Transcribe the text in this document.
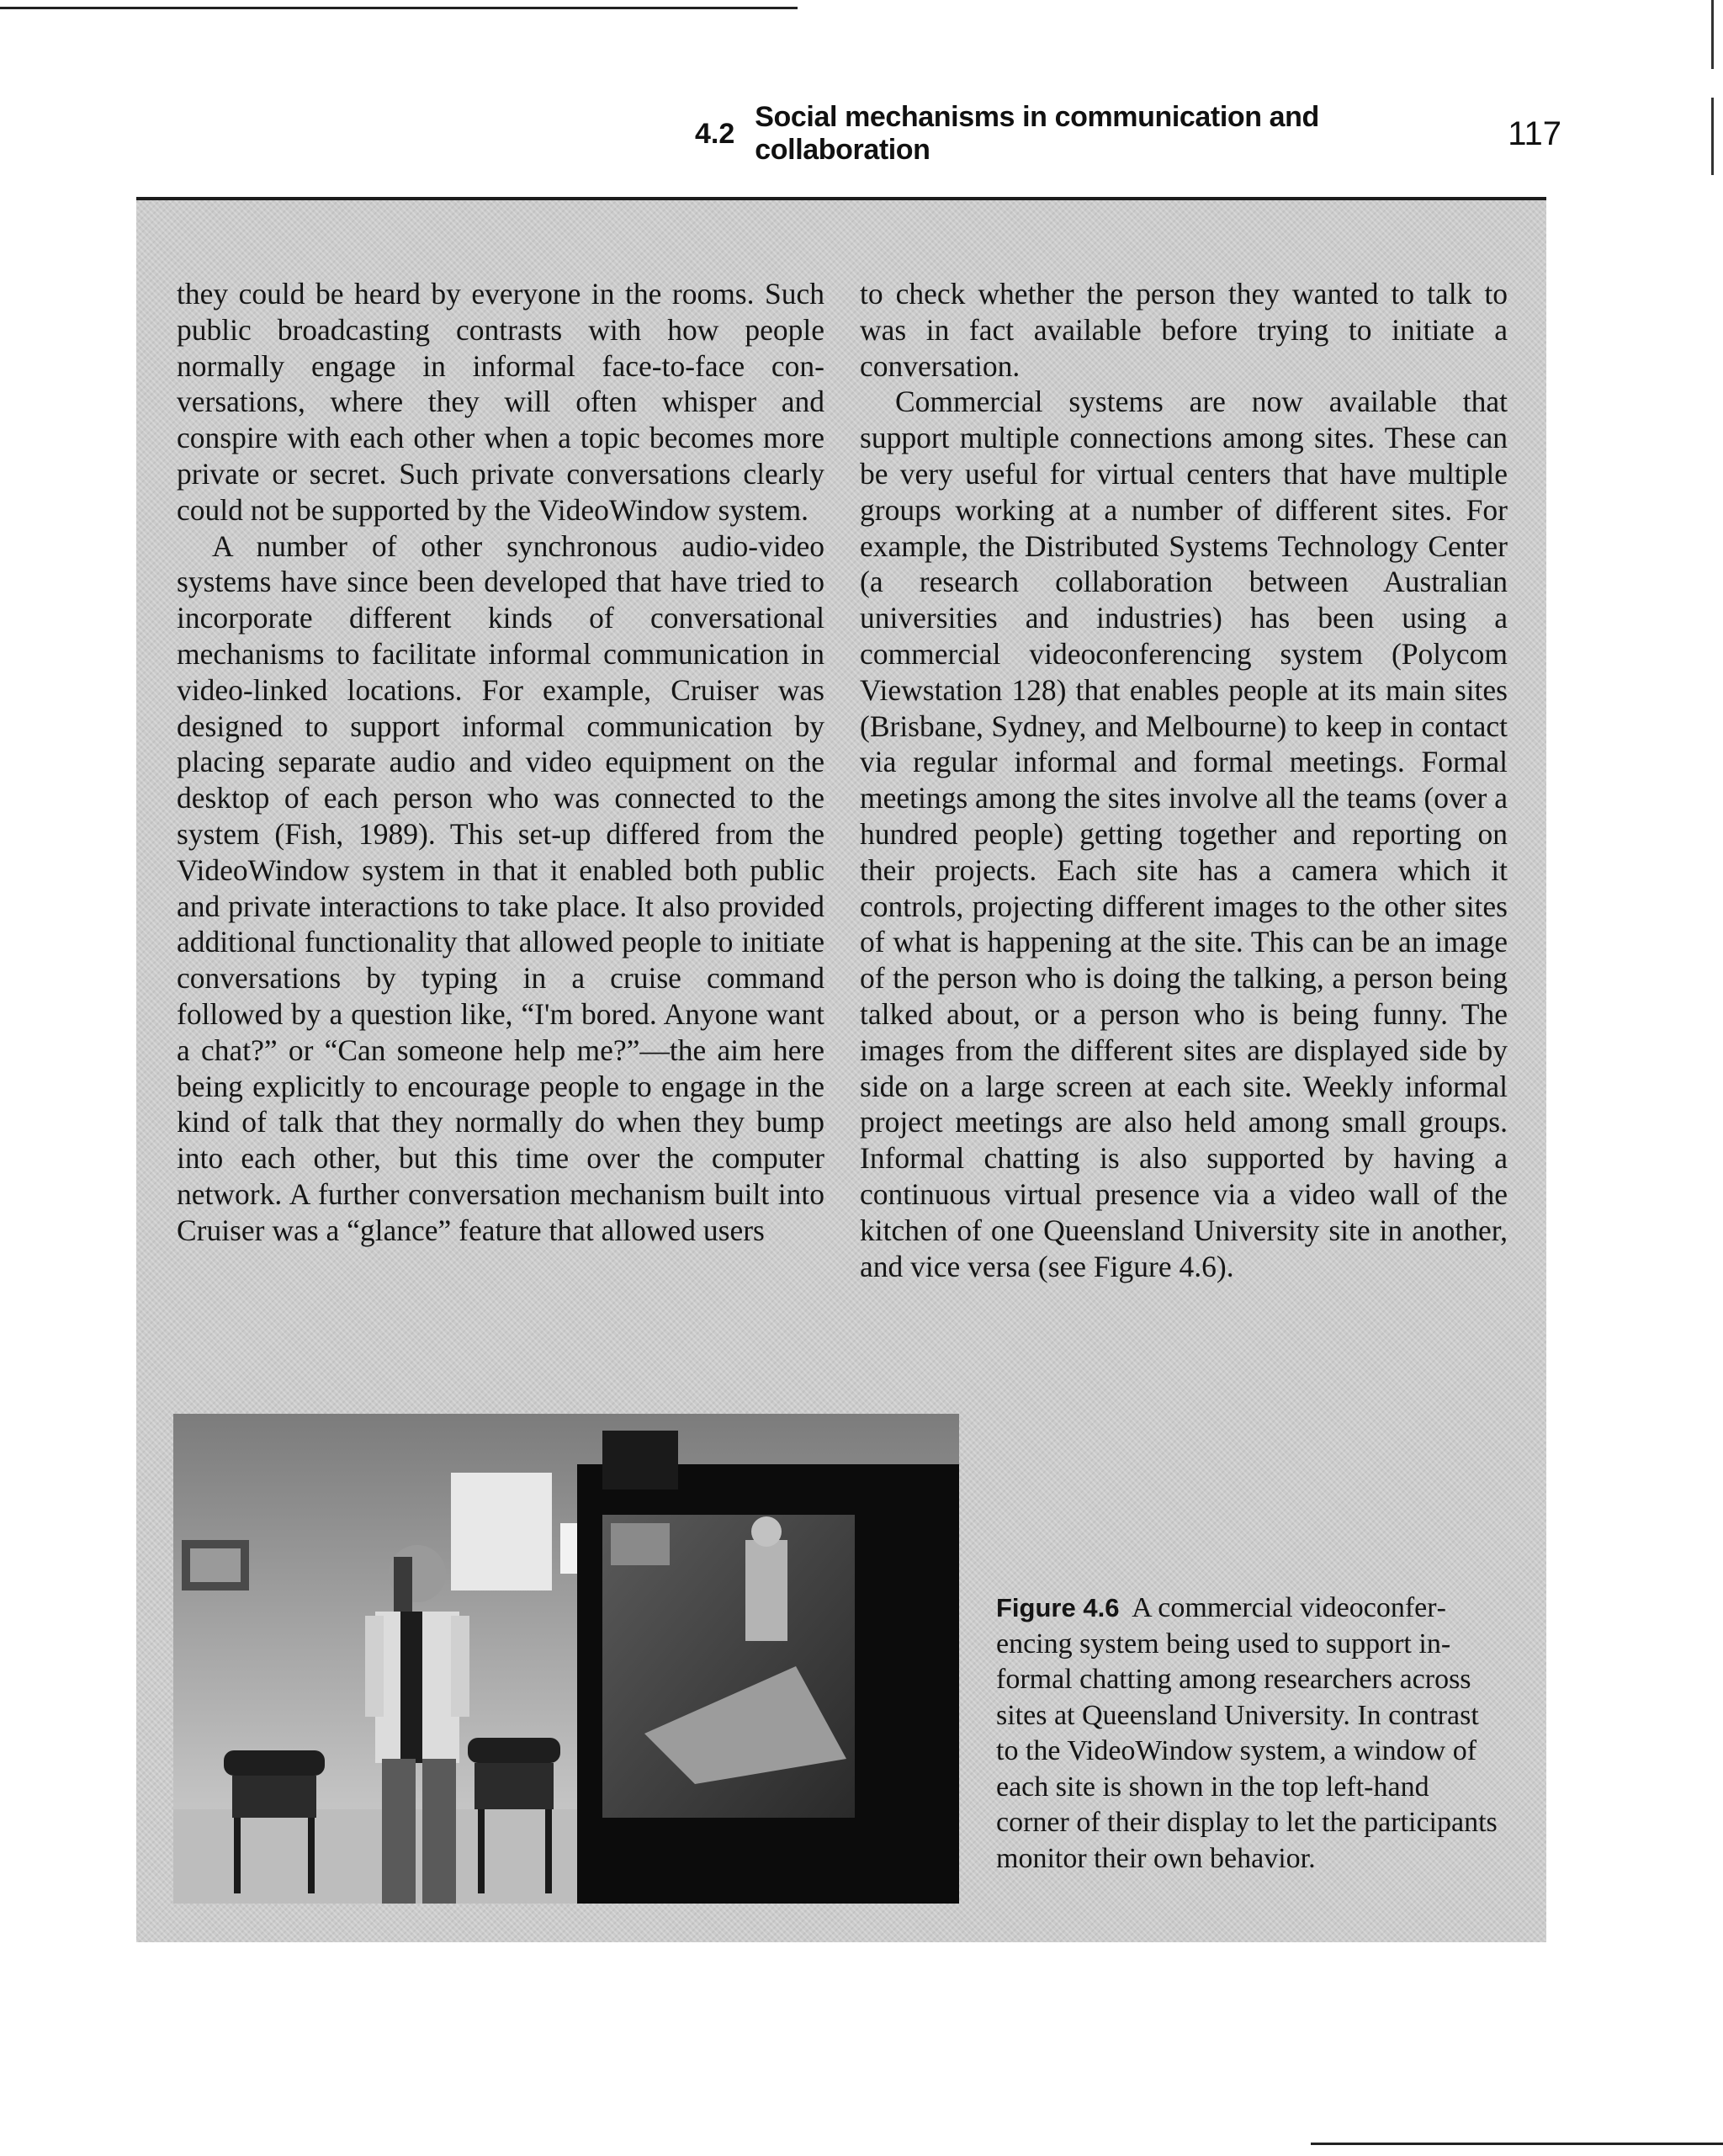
4.2
Social mechanisms in communication and collaboration	117

they could be heard by everyone in the rooms. Such public broadcasting contrasts with how people normally engage in informal face-to-face conversations, where they will often whisper and conspire with each other when a topic becomes more private or secret. Such private conversations clearly could not be supported by the VideoWindow system.

A number of other synchronous audio-video systems have since been developed that have tried to incorporate different kinds of conversational mechanisms to facilitate informal communication in video-linked locations. For example, Cruiser was designed to support informal communication by placing separate audio and video equipment on the desktop of each person who was connected to the system (Fish, 1989). This set-up differed from the VideoWindow system in that it enabled both public and private interactions to take place. It also provided additional functionality that allowed people to initiate conversations by typing in a cruise command followed by a question like, “I'm bored. Anyone want a chat?” or “Can someone help me?”—the aim here being explicitly to encourage people to engage in the kind of talk that they normally do when they bump into each other, but this time over the computer network. A further conversation mechanism built into Cruiser was a “glance” feature that allowed users

to check whether the person they wanted to talk to was in fact available before trying to initiate a conversation.

Commercial systems are now available that support multiple connections among sites. These can be very useful for virtual centers that have multiple groups working at a number of different sites. For example, the Distributed Systems Technology Center (a research collaboration between Australian universities and industries) has been using a commercial videoconferencing system (Polycom Viewstation 128) that enables people at its main sites (Brisbane, Sydney, and Melbourne) to keep in contact via regular informal and formal meetings. Formal meetings among the sites involve all the teams (over a hundred people) getting together and reporting on their projects. Each site has a camera which it controls, projecting different images to the other sites of what is happening at the site. This can be an image of the person who is doing the talking, a person being talked about, or a person who is being funny. The images from the different sites are displayed side by side on a large screen at each site. Weekly informal project meetings are also held among small groups. Informal chatting is also supported by having a continuous virtual presence via a video wall of the kitchen of one Queensland University site in another, and vice versa (see Figure 4.6).

Figure 4.6 A commercial videoconferencing system being used to support informal chatting among researchers across sites at Queensland University. In contrast to the VideoWindow system, a window of each site is shown in the top left-hand corner of their display to let the participants monitor their own behavior.
